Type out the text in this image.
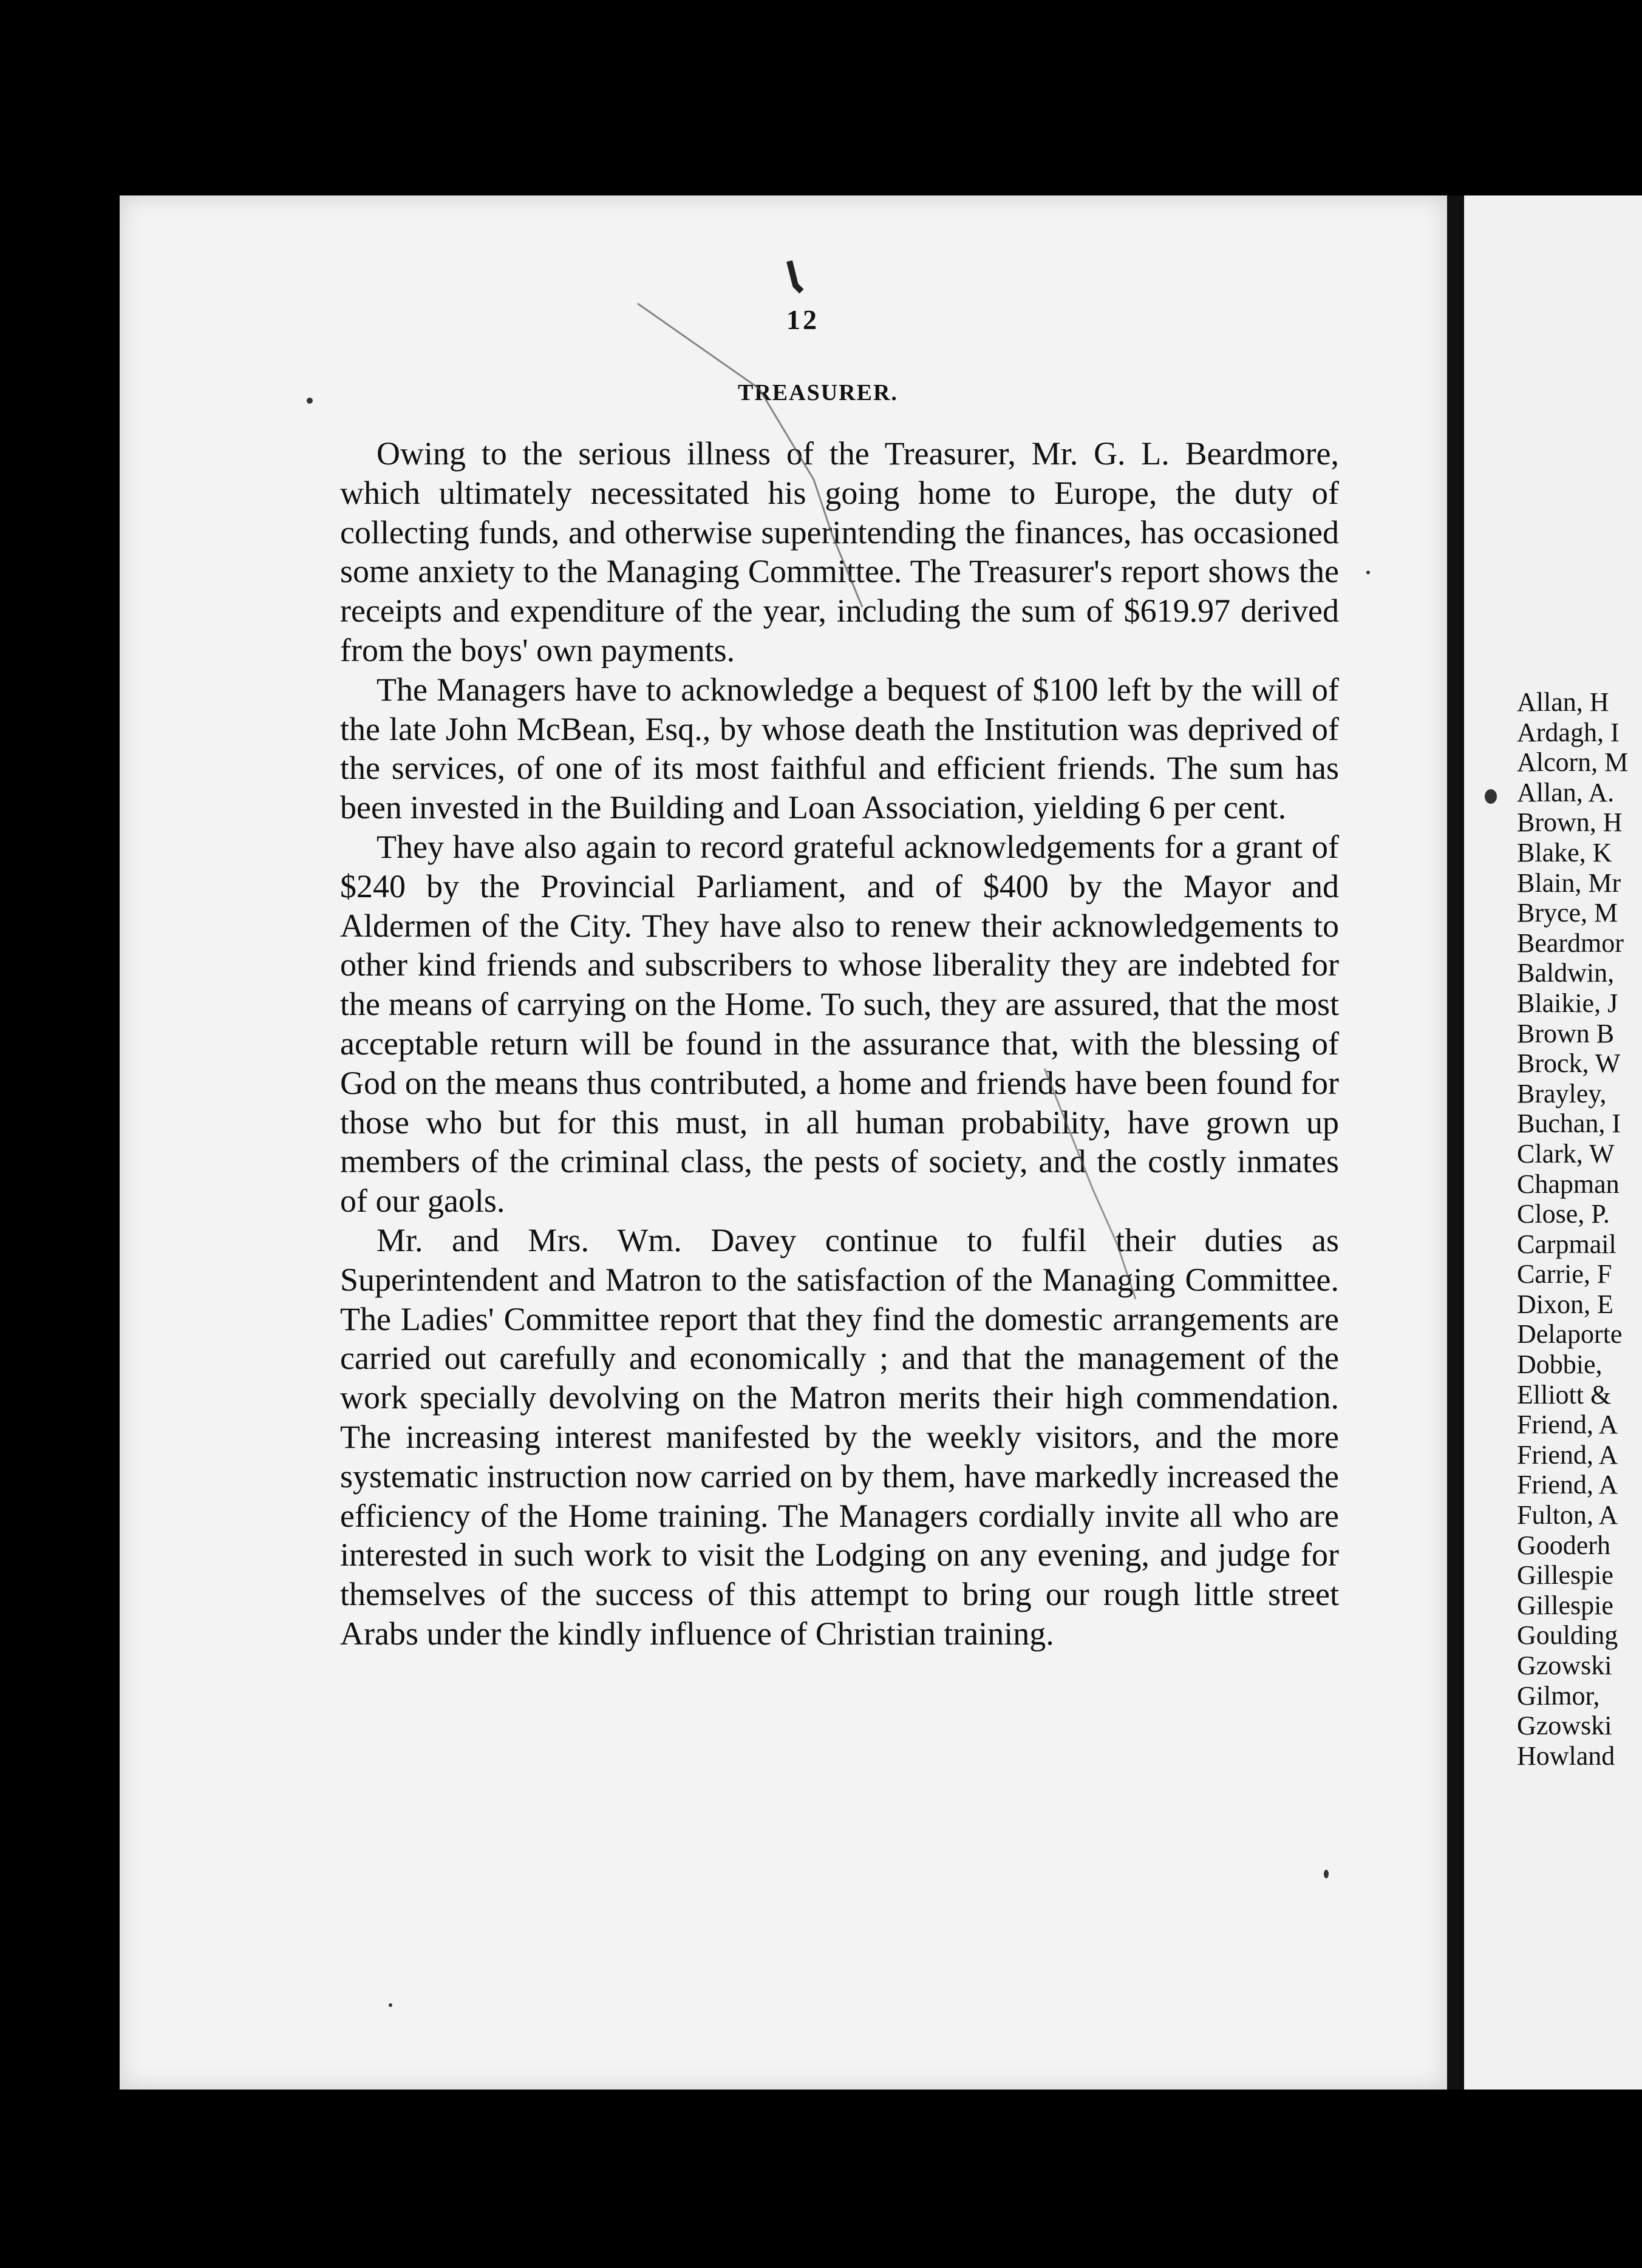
12
TREASURER.

Owing to the serious illness of the Treasurer, Mr. G. L. Beardmore, which ultimately necessitated his going home to Europe, the duty of collecting funds, and otherwise superintending the finances, has occasioned some anxiety to the Managing Committee. The Treasurer's report shows the receipts and expenditure of the year, including the sum of $619.97 derived from the boys' own payments.

The Managers have to acknowledge a bequest of $100 left by the will of the late John McBean, Esq., by whose death the Institution was deprived of the services, of one of its most faithful and efficient friends. The sum has been invested in the Building and Loan Association, yielding 6 per cent.

They have also again to record grateful acknowledgements for a grant of $240 by the Provincial Parliament, and of $400 by the Mayor and Aldermen of the City. They have also to renew their acknowledgements to other kind friends and subscribers to whose liberality they are indebted for the means of carrying on the Home. To such, they are assured, that the most acceptable return will be found in the assurance that, with the blessing of God on the means thus contributed, a home and friends have been found for those who but for this must, in all human probability, have grown up members of the criminal class, the pests of society, and the costly inmates of our gaols.

Mr. and Mrs. Wm. Davey continue to fulfil their duties as Superintendent and Matron to the satisfaction of the Managing Committee. The Ladies' Committee report that they find the domestic arrangements are carried out carefully and economically ; and that the management of the work specially devolving on the Matron merits their high commendation. The increasing interest manifested by the weekly visitors, and the more systematic instruction now carried on by them, have markedly increased the efficiency of the Home training. The Managers cordially invite all who are interested in such work to visit the Lodging on any evening, and judge for themselves of the success of this attempt to bring our rough little street Arabs under the kindly influence of Christian training.

Allan, H
Ardagh, I
Alcorn, M
Allan, A.
Brown, H
Blake, K
Blain, Mr
Bryce, M
Beardmor
Baldwin,
Blaikie, J
Brown B
Brock, W
Brayley,
Buchan, I
Clark, W
Chapman
Close, P.
Carpmail
Carrie, F
Dixon, E
Delaporte
Dobbie,
Elliott &
Friend, A
Friend, A
Friend, A
Fulton, A
Gooderh
Gillespie
Gillespie
Goulding
Gzowski
Gilmor,
Gzowski
Howland
